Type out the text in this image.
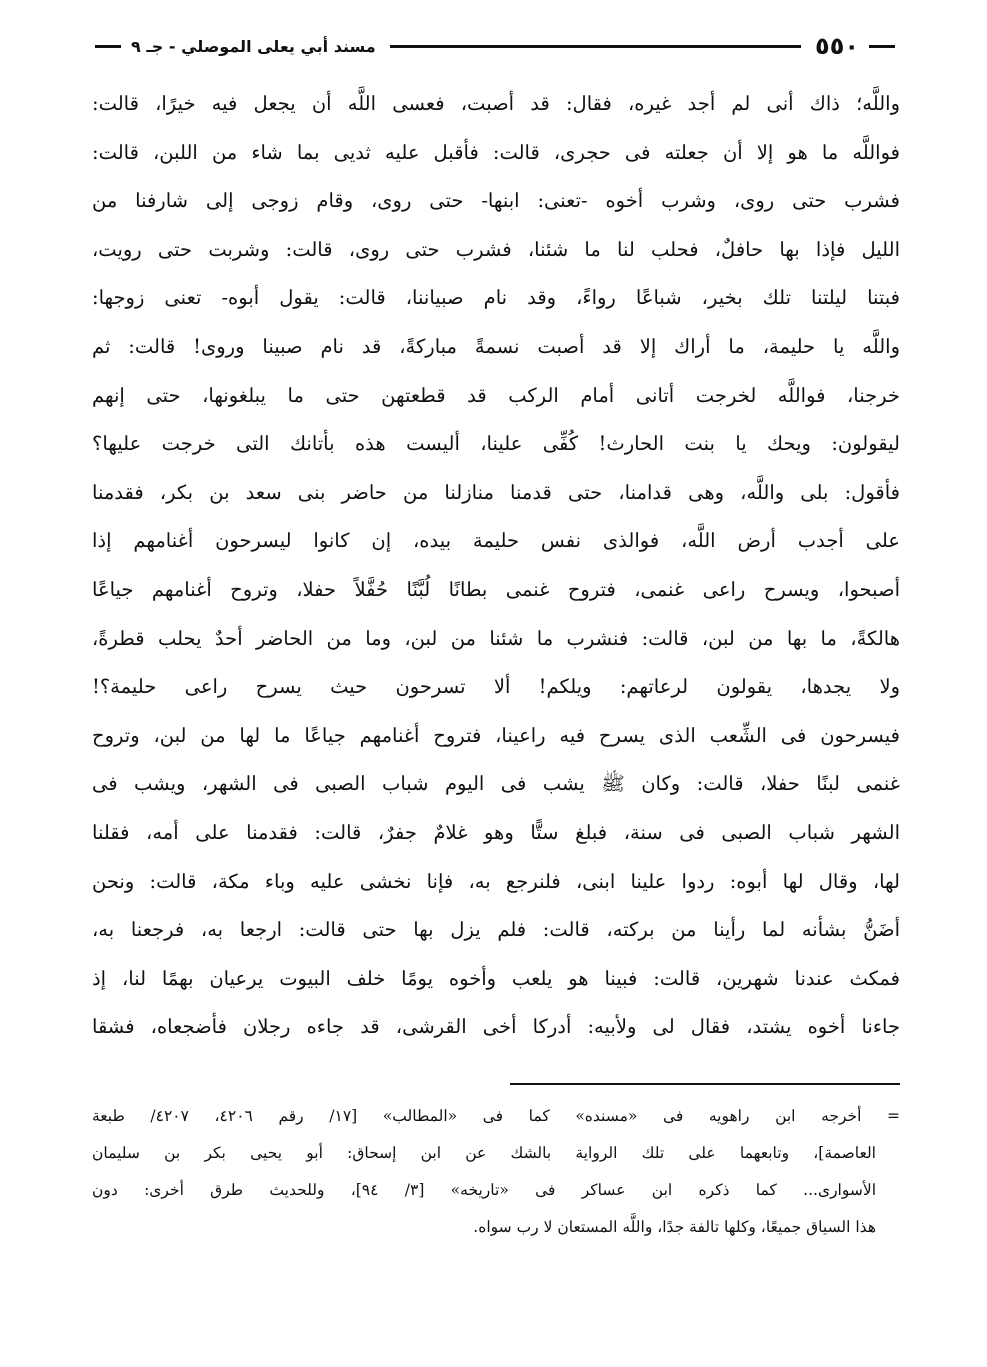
٥٥٠
مسند أبي يعلى الموصلي - جـ ٩
واللَّه؛ ذاك أنى لم أجد غيره، فقال: قد أصبت، فعسى اللَّه أن يجعل فيه خيرًا، قالت:
فواللَّه ما هو إلا أن جعلته فى حجرى، قالت: فأقبل عليه ثديى بما شاء من اللبن، قالت:
فشرب حتى روى، وشرب أخوه -تعنى: ابنها- حتى روى، وقام زوجى إلى شارفنا من
الليل فإذا بها حافلٌ، فحلب لنا ما شئنا، فشرب حتى روى، قالت: وشربت حتى رويت،
فبتنا ليلتنا تلك بخير، شباعًا رواءً، وقد نام صبياننا، قالت: يقول أبوه- تعنى زوجها:
واللَّه يا حليمة، ما أراك إلا قد أصبت نسمةً مباركةً، قد نام صبينا وروى! قالت: ثم
خرجنا، فواللَّه لخرجت أتانى أمام الركب قد قطعتهن حتى ما يبلغونها، حتى إنهم
ليقولون: ويحك يا بنت الحارث! كُفِّى علينا، أليست هذه بأتانك التى خرجت عليها؟
فأقول: بلى واللَّه، وهى قدامنا، حتى قدمنا منازلنا من حاضر بنى سعد بن بكر، فقدمنا
على أجدب أرض اللَّه، فوالذى نفس حليمة بيده، إن كانوا ليسرحون أغنامهم إذا
أصبحوا، ويسرح راعى غنمى، فتروح غنمى بطانًا لُبَّنًا حُفَّلاً حفلا، وتروح أغنامهم جياعًا
هالكةً، ما بها من لبن، قالت: فنشرب ما شئنا من لبن، وما من الحاضر أحدٌ يحلب قطرةً،
ولا يجدها، يقولون لرعاتهم: ويلكم! ألا تسرحون حيث يسرح راعى حليمة؟!
فيسرحون فى الشِّعب الذى يسرح فيه راعينا، فتروح أغنامهم جياعًا ما لها من لبن، وتروح
غنمى لبنًا حفلا، قالت: وكان ﷺ يشب فى اليوم شباب الصبى فى الشهر، ويشب فى
الشهر شباب الصبى فى سنة، فبلغ ستًّا وهو غلامٌ جفرٌ، قالت: فقدمنا على أمه، فقلنا
لها، وقال لها أبوه: ردوا علينا ابنى، فلنرجع به، فإنا نخشى عليه وباء مكة، قالت: ونحن
أضَنُّ بشأنه لما رأينا من بركته، قالت: فلم يزل بها حتى قالت: ارجعا به، فرجعنا به،
فمكث عندنا شهرين، قالت: فبينا هو يلعب وأخوه يومًا خلف البيوت يرعيان بهمًا لنا، إذ
جاءنا أخوه يشتد، فقال لى ولأبيه: أدركا أخى القرشى، قد جاءه رجلان فأضجعاه، فشقا
= أخرجه ابن راهويه فى «مسنده» كما فى «المطالب» [١٧/ رقم ٤٢٠٦، ٤٢٠٧/ طبعة
العاصمة]، وتابعهما على تلك الرواية بالشك عن ابن إسحاق: أبو يحيى بكر بن سليمان
الأسوارى... كما ذكره ابن عساكر فى «تاريخه» [٣/ ٩٤]، وللحديث طرق أخرى: دون
هذا السياق جميعًا، وكلها تالفة جدًا، واللَّه المستعان لا رب سواه.
